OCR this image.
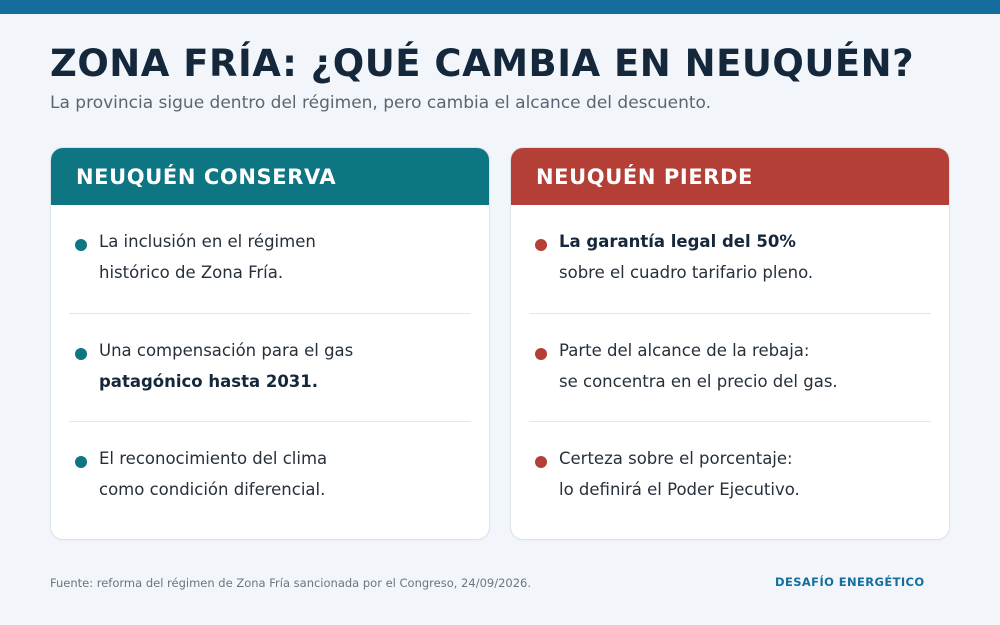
ZONA FRÍA: ¿QUÉ CAMBIA EN NEUQUÉN?

La provincia sigue dentro del régimen, pero cambia el alcance del descuento.

NEUQUÉN CONSERVA
La inclusión en el régimen
histórico de Zona Fría.
Una compensación para el gas
patagónico hasta 2031.
El reconocimiento del clima
como condición diferencial.
NEUQUÉN PIERDE
La garantía legal del 50%
sobre el cuadro tarifario pleno.
Parte del alcance de la rebaja:
se concentra en el precio del gas.
Certeza sobre el porcentaje:
lo definirá el Poder Ejecutivo.

Fuente: reforma del régimen de Zona Fría sancionada por el Congreso, 24/09/2026.	DESAFÍO ENERGÉTICO
